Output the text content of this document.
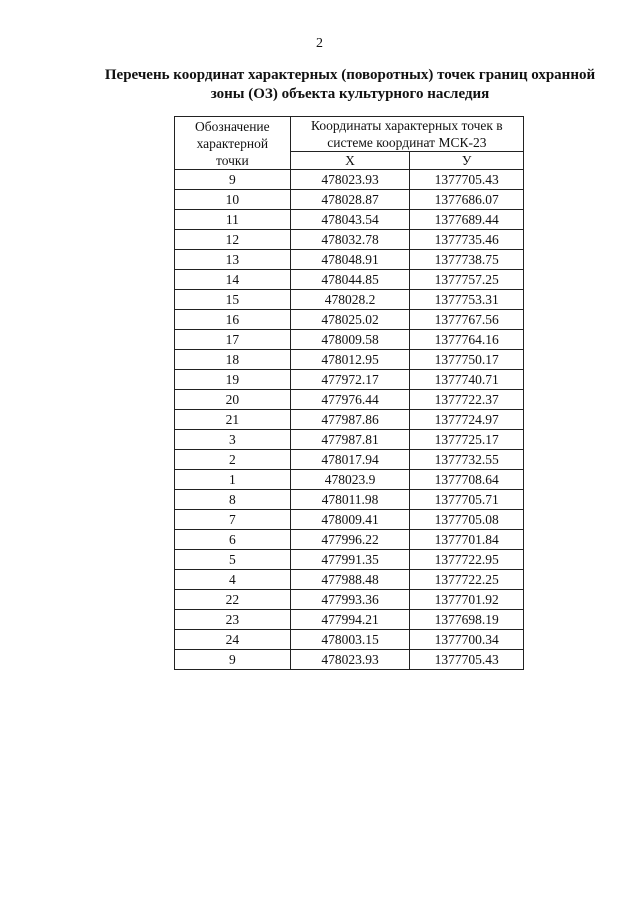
2
Перечень координат характерных (поворотных) точек границ охранной
зоны (ОЗ) объекта культурного наследия
Обозначение
характерной
точки	Координаты характерных точек в
системе координат МСК-23	

	Х	У
9	478023.93	1377705.43
10	478028.87	1377686.07
11	478043.54	1377689.44
12	478032.78	1377735.46
13	478048.91	1377738.75
14	478044.85	1377757.25
15	478028.2	1377753.31
16	478025.02	1377767.56
17	478009.58	1377764.16
18	478012.95	1377750.17
19	477972.17	1377740.71
20	477976.44	1377722.37
21	477987.86	1377724.97
3	477987.81	1377725.17
2	478017.94	1377732.55
1	478023.9	1377708.64
8	478011.98	1377705.71
7	478009.41	1377705.08
6	477996.22	1377701.84
5	477991.35	1377722.95
4	477988.48	1377722.25
22	477993.36	1377701.92
23	477994.21	1377698.19
24	478003.15	1377700.34
9	478023.93	1377705.43
